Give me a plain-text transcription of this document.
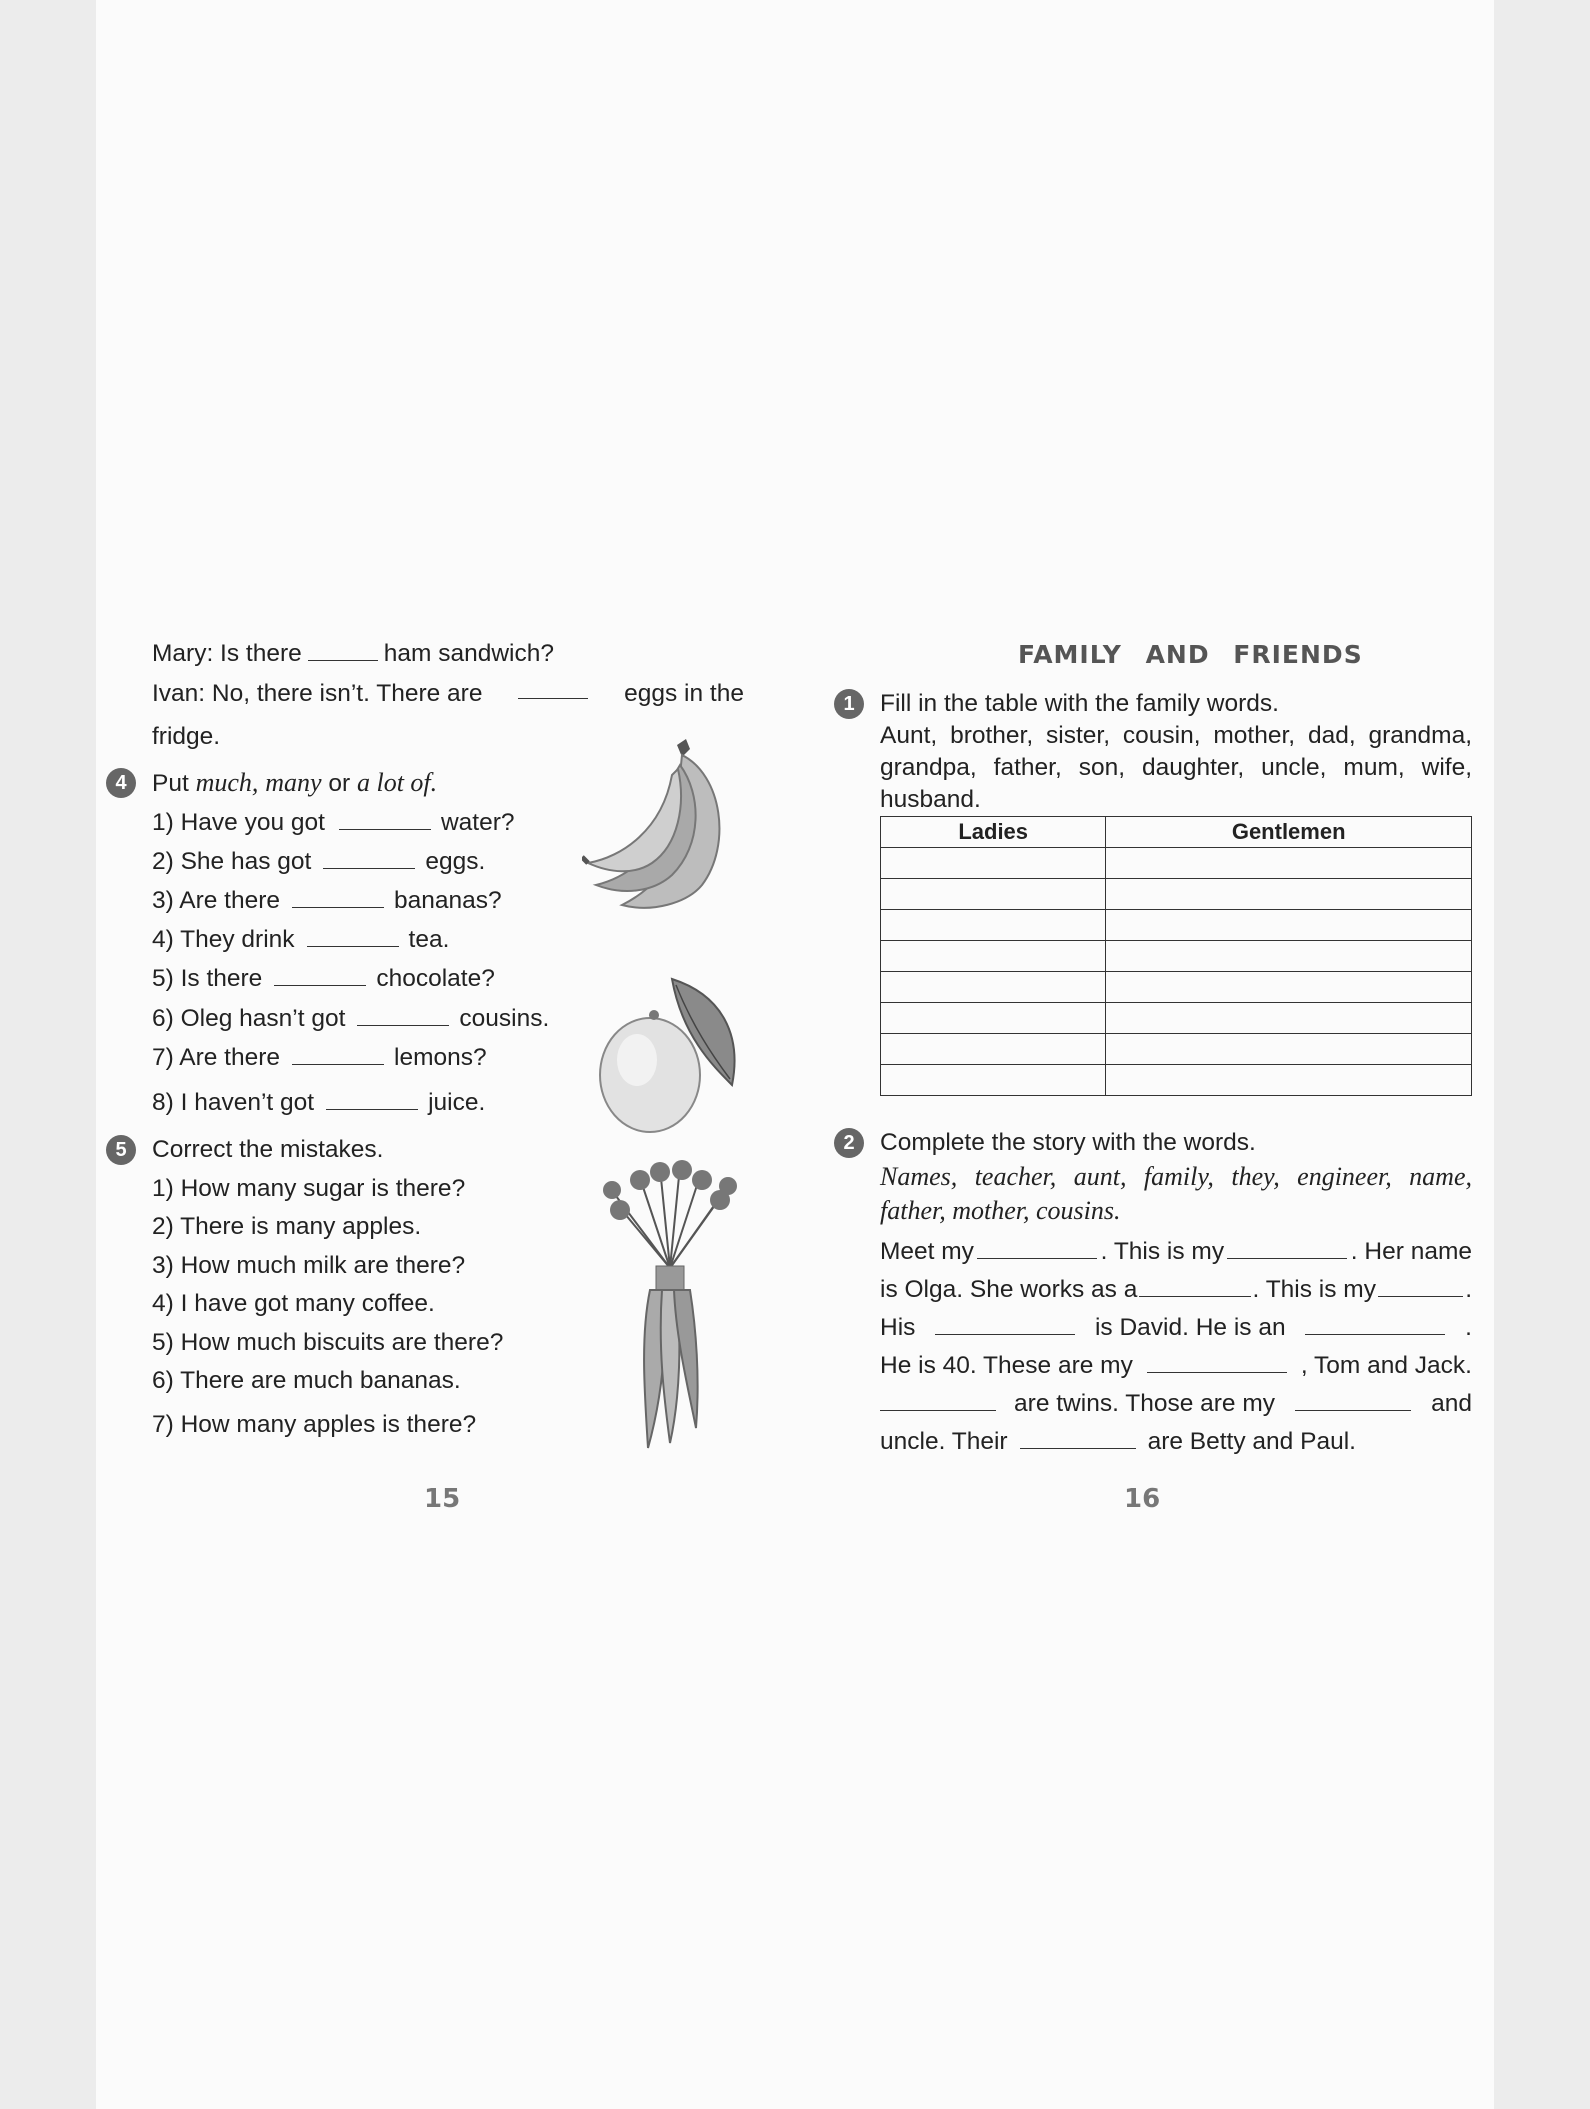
Mary: Is there	ham sandwich?
Ivan: No, there isn’t. There are	eggs in the
fridge.
4	Put much, many or a lot of.
1) Have you got	water?
2) She has got	eggs.
3) Are there	bananas?
4) They drink	tea.
5) Is there	chocolate?
6) Oleg hasn’t got	cousins.
7) Are there	lemons?
8) I haven’t got	juice.
5	Correct the mistakes.
1) How many sugar is there?
2) There is many apples.
3) How much milk are there?
4) I have got many coffee.
5) How much biscuits are there?
6) There are much bananas.
7) How many apples is there?
15
FAMILY AND FRIENDS
1	Fill in the table with the family words.
Aunt, brother, sister, cousin, mother, dad, grandma,
grandpa, father, son, daughter, uncle, mum, wife,
husband.
Ladies	Gentlemen

2	Complete the story with the words.
Names, teacher, aunt, family, they, engineer, name,
father, mother, cousins.
Meet my	. This is my	. Her name
is Olga. She works as a	. This is my	.
His	is David. He is an	.
He is 40. These are my	, Tom and Jack.
are twins. Those are my	and
uncle. Their	are Betty and Paul.
16
